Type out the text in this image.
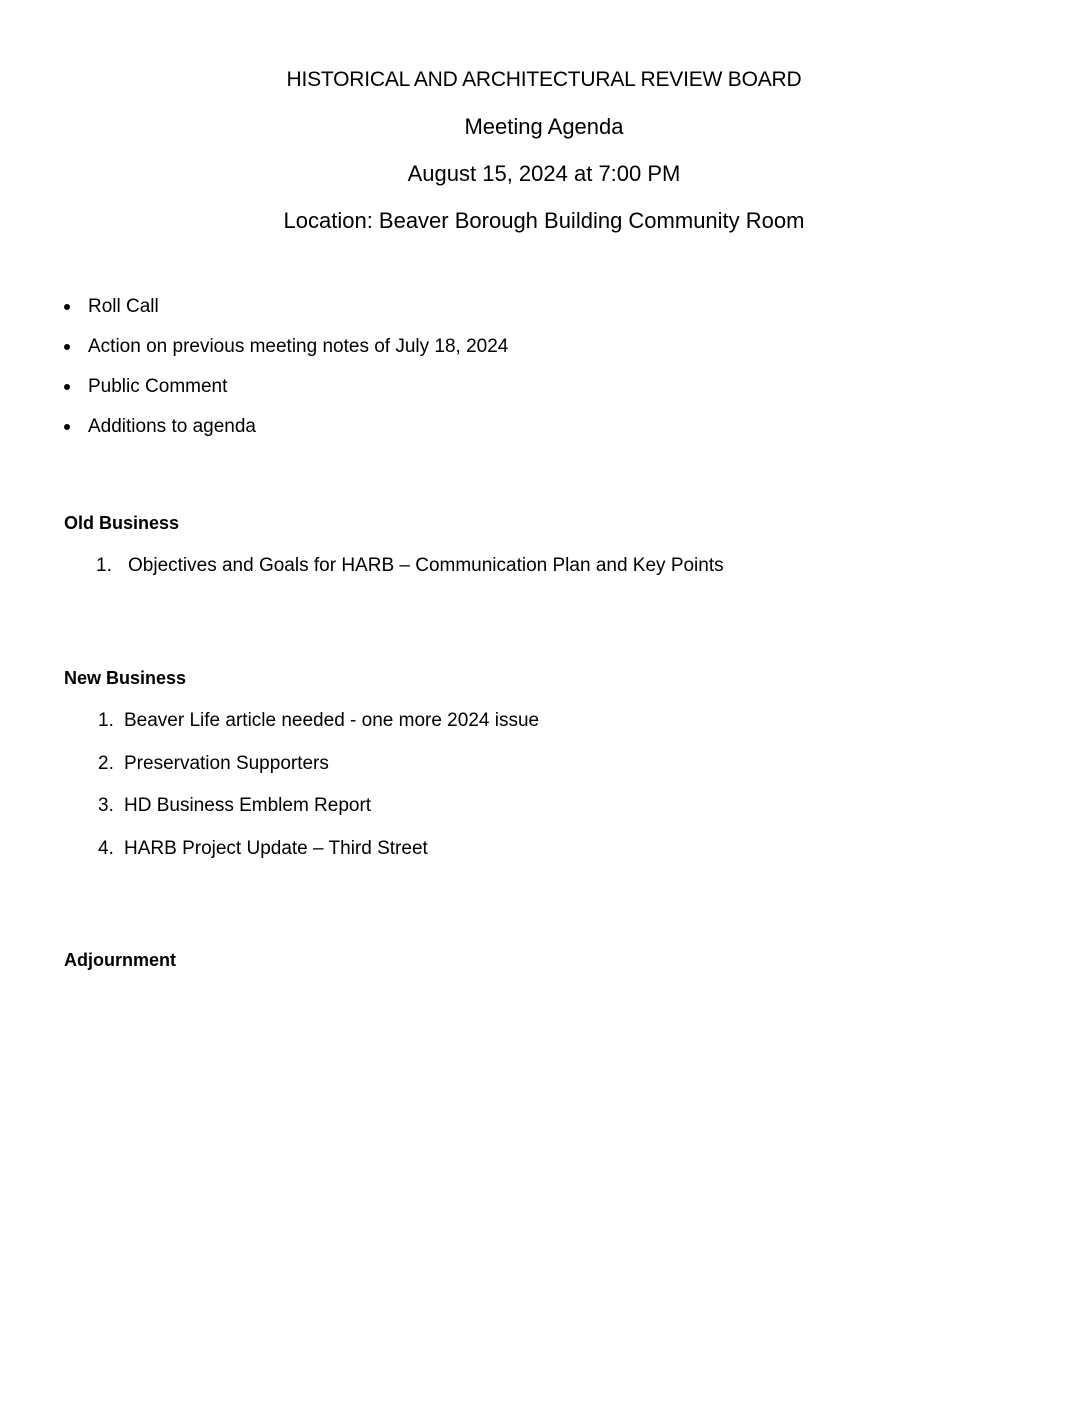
HISTORICAL AND ARCHITECTURAL REVIEW BOARD
Meeting Agenda
August 15, 2024 at 7:00 PM
Location: Beaver Borough Building Community Room
Roll Call
Action on previous meeting notes of July 18, 2024
Public Comment
Additions to agenda
Old Business
1. Objectives and Goals for HARB – Communication Plan and Key Points
New Business
1. Beaver Life article needed - one more 2024 issue
2. Preservation Supporters
3. HD Business Emblem Report
4. HARB Project Update – Third Street
Adjournment
